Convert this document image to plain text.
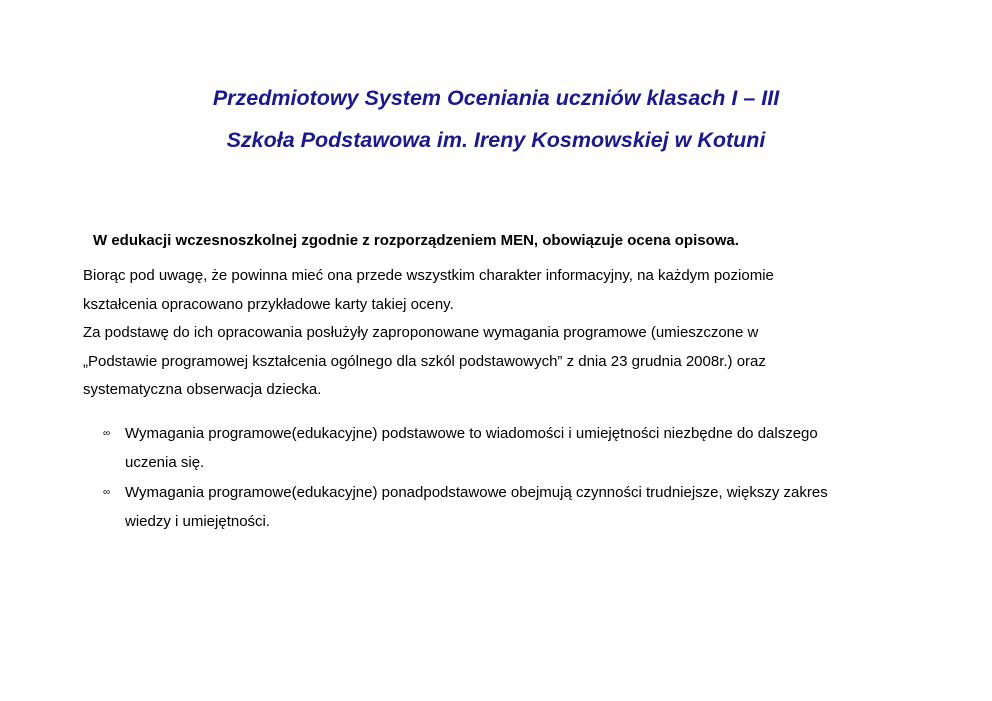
Przedmiotowy System Oceniania uczniów klasach I – III
Szkoła Podstawowa im. Ireny Kosmowskiej w Kotuni
W edukacji wczesnoszkolnej zgodnie z rozporządzeniem MEN, obowiązuje ocena opisowa.

Biorąc pod uwagę, że powinna mieć ona przede wszystkim charakter informacyjny, na każdym poziomie

kształcenia opracowano przykładowe karty takiej oceny.

Za podstawę do ich opracowania posłużyły zaproponowane wymagania programowe (umieszczone w

„Podstawie programowej kształcenia ogólnego dla szkól podstawowych” z dnia 23 grudnia 2008r.) oraz

systematyczna obserwacja dziecka.

∞ Wymagania programowe(edukacyjne) podstawowe to wiadomości i umiejętności niezbędne do dalszego
uczenia się.
∞ Wymagania programowe(edukacyjne) ponadpodstawowe obejmują czynności trudniejsze, większy zakres
wiedzy i umiejętności.
